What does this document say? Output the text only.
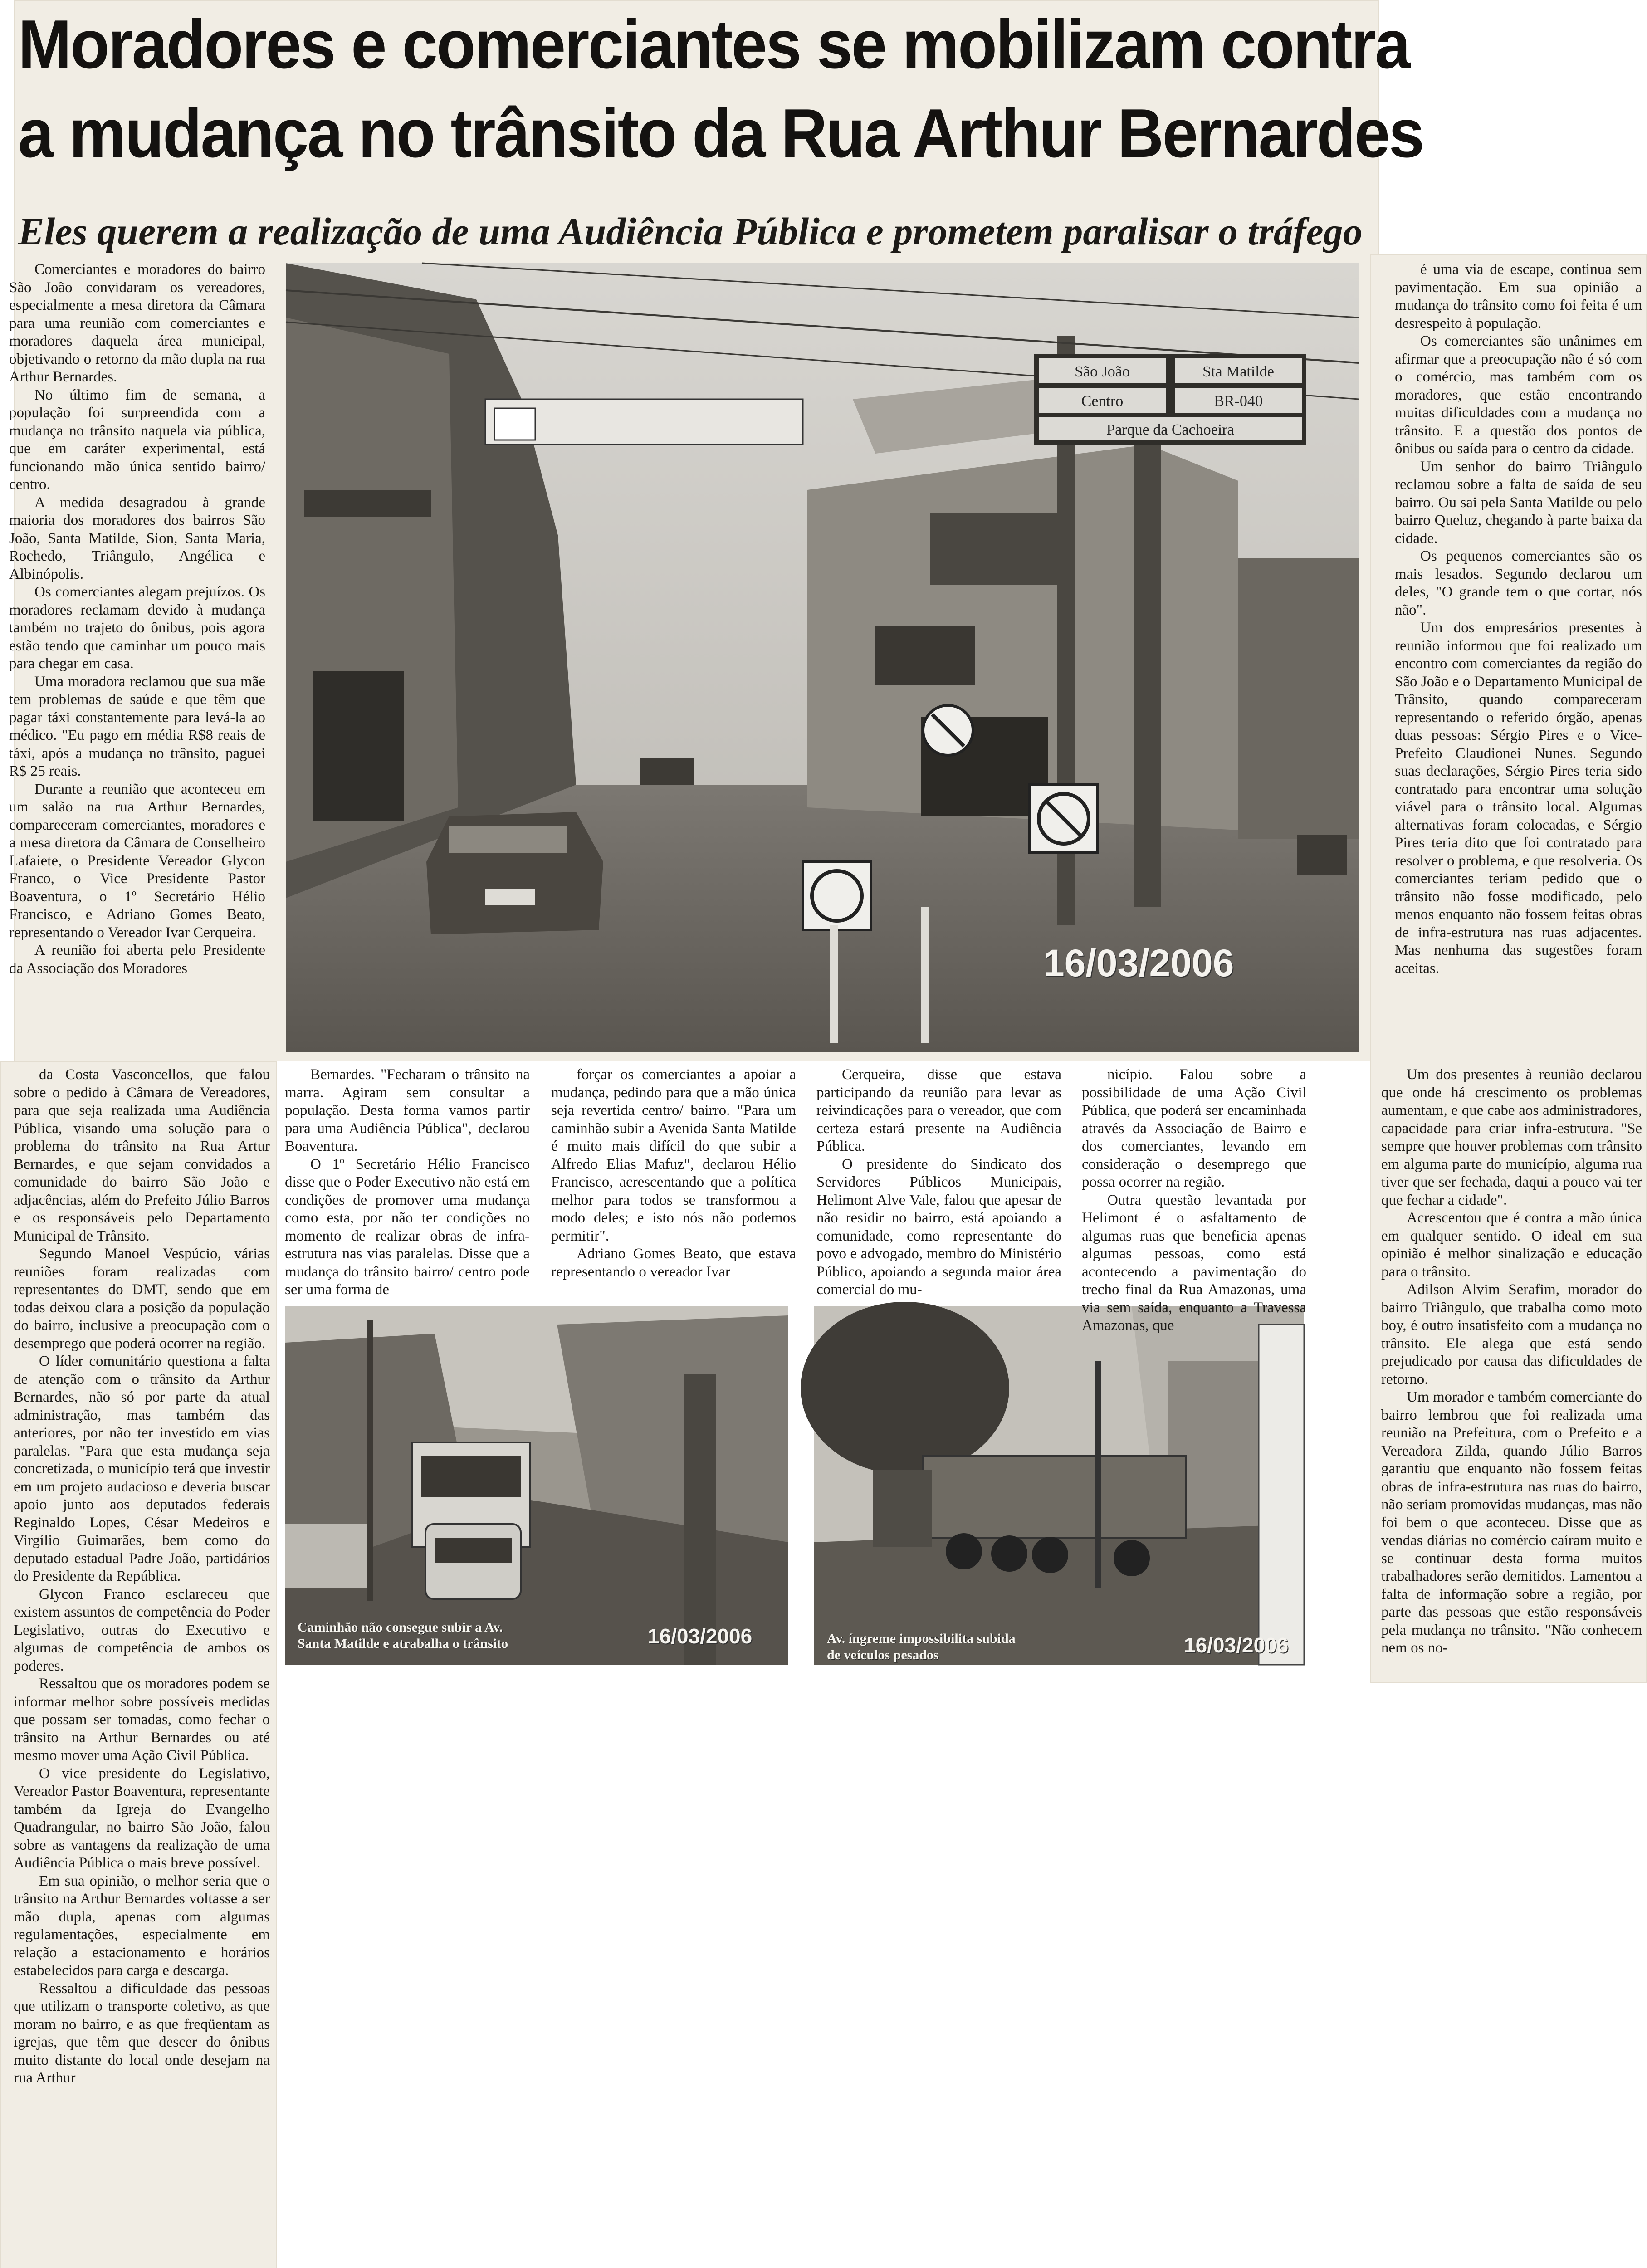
Moradores e comerciantes se mobilizam contra
a mudança no trânsito da Rua Arthur Bernardes
Eles querem a realização de uma Audiência Pública e prometem paralisar o tráfego
São João	Sta Matilde
Centro	BR-040
Parque da Cachoeira
16/03/2006
Caminhão não consegue subir a Av. Santa Matilde e atrabalha o trânsito	16/03/2006	Av. íngreme impossibilita subida de veículos pesados	16/03/2006

Comerciantes e moradores do bairro São João convidaram os vereadores, especialmente a mesa diretora da Câmara para uma reunião com comerciantes e moradores daquela área municipal, objetivando o retorno da mão dupla na rua Arthur Bernardes.

No último fim de semana, a população foi surpreendida com a mudança no trânsito naquela via pública, que em caráter experimental, está funcionando mão única sentido bairro/ centro.

A medida desagradou à grande maioria dos moradores dos bairros São João, Santa Matilde, Sion, Santa Maria, Rochedo, Triângulo, Angélica e Albinópolis.

Os comerciantes alegam prejuízos. Os moradores reclamam devido à mudança também no trajeto do ônibus, pois agora estão tendo que caminhar um pouco mais para chegar em casa.

Uma moradora reclamou que sua mãe tem problemas de saúde e que têm que pagar táxi constantemente para levá-la ao médico. "Eu pago em média R$8 reais de táxi, após a mudança no trânsito, paguei R$ 25 reais.

Durante a reunião que aconteceu em um salão na rua Arthur Bernardes, compareceram comerciantes, moradores e a mesa diretora da Câmara de Conselheiro Lafaiete, o Presidente Vereador Glycon Franco, o Vice Presidente Pastor Boaventura, o 1º Secretário Hélio Francisco, e Adriano Gomes Beato, representando o Vereador Ivar Cerqueira.

A reunião foi aberta pelo Presidente da Associação dos Moradores

da Costa Vasconcellos, que falou sobre o pedido à Câmara de Vereadores, para que seja realizada uma Audiência Pública, visando uma solução para o problema do trânsito na Rua Artur Bernardes, e que sejam convidados a comunidade do bairro São João e adjacências, além do Prefeito Júlio Barros e os responsáveis pelo Departamento Municipal de Trânsito.

Segundo Manoel Vespúcio, várias reuniões foram realizadas com representantes do DMT, sendo que em todas deixou clara a posição da população do bairro, inclusive a preocupação com o desemprego que poderá ocorrer na região.

O líder comunitário questiona a falta de atenção com o trânsito da Arthur Bernardes, não só por parte da atual administração, mas também das anteriores, por não ter investido em vias paralelas. "Para que esta mudança seja concretizada, o município terá que investir em um projeto audacioso e deveria buscar apoio junto aos deputados federais Reginaldo Lopes, César Medeiros e Virgílio Guimarães, bem como do deputado estadual Padre João, partidários do Presidente da República.

Glycon Franco esclareceu que existem assuntos de competência do Poder Legislativo, outras do Executivo e algumas de competência de ambos os poderes.

Ressaltou que os moradores podem se informar melhor sobre possíveis medidas que possam ser tomadas, como fechar o trânsito na Arthur Bernardes ou até mesmo mover uma Ação Civil Pública.

O vice presidente do Legislativo, Vereador Pastor Boaventura, representante também da Igreja do Evangelho Quadrangular, no bairro São João, falou sobre as vantagens da realização de uma Audiência Pública o mais breve possível.

Em sua opinião, o melhor seria que o trânsito na Arthur Bernardes voltasse a ser mão dupla, apenas com algumas regulamentações, especialmente em relação a estacionamento e horários estabelecidos para carga e descarga.

Ressaltou a dificuldade das pessoas que utilizam o transporte coletivo, as que moram no bairro, e as que freqüentam as igrejas, que têm que descer do ônibus muito distante do local onde desejam na rua Arthur

Bernardes. "Fecharam o trânsito na marra. Agiram sem consultar a população. Desta forma vamos partir para uma Audiência Pública", declarou Boaventura.

O 1º Secretário Hélio Francisco disse que o Poder Executivo não está em condições de promover uma mudança como esta, por não ter condições no momento de realizar obras de infra-estrutura nas vias paralelas. Disse que a mudança do trânsito bairro/ centro pode ser uma forma de

forçar os comerciantes a apoiar a mudança, pedindo para que a mão única seja revertida centro/ bairro. "Para um caminhão subir a Avenida Santa Matilde é muito mais difícil do que subir a Alfredo Elias Mafuz", declarou Hélio Francisco, acrescentando que a política melhor para todos se transformou a modo deles; e isto nós não podemos permitir".

Adriano Gomes Beato, que estava representando o vereador Ivar

Cerqueira, disse que estava participando da reunião para levar as reivindicações para o vereador, que com certeza estará presente na Audiência Pública.

O presidente do Sindicato dos Servidores Públicos Municipais, Helimont Alve Vale, falou que apesar de não residir no bairro, está apoiando a comunidade, como representante do povo e advogado, membro do Ministério Público, apoiando a segunda maior área comercial do mu-

nicípio. Falou sobre a possibilidade de uma Ação Civil Pública, que poderá ser encaminhada através da Associação de Bairro e dos comerciantes, levando em consideração o desemprego que possa ocorrer na região.

Outra questão levantada por Helimont é o asfaltamento de algumas ruas que beneficia apenas algumas pessoas, como está acontecendo a pavimentação do trecho final da Rua Amazonas, uma via sem saída, enquanto a Travessa Amazonas, que

é uma via de escape, continua sem pavimentação. Em sua opinião a mudança do trânsito como foi feita é um desrespeito à população.

Os comerciantes são unânimes em afirmar que a preocupação não é só com o comércio, mas também com os moradores, que estão encontrando muitas dificuldades com a mudança no trânsito. E a questão dos pontos de ônibus ou saída para o centro da cidade.

Um senhor do bairro Triângulo reclamou sobre a falta de saída de seu bairro. Ou sai pela Santa Matilde ou pelo bairro Queluz, chegando à parte baixa da cidade.

Os pequenos comerciantes são os mais lesados. Segundo declarou um deles, "O grande tem o que cortar, nós não".

Um dos empresários presentes à reunião informou que foi realizado um encontro com comerciantes da região do São João e o Departamento Municipal de Trânsito, quando compareceram representando o referido órgão, apenas duas pessoas: Sérgio Pires e o Vice-Prefeito Claudionei Nunes. Segundo suas declarações, Sérgio Pires teria sido contratado para encontrar uma solução viável para o trânsito local. Algumas alternativas foram colocadas, e Sérgio Pires teria dito que foi contratado para resolver o problema, e que resolveria. Os comerciantes teriam pedido que o trânsito não fosse modificado, pelo menos enquanto não fossem feitas obras de infra-estrutura nas ruas adjacentes. Mas nenhuma das sugestões foram aceitas.

Um dos presentes à reunião declarou que onde há crescimento os problemas aumentam, e que cabe aos administradores, capacidade para criar infra-estrutura. "Se sempre que houver problemas com trânsito em alguma parte do município, alguma rua tiver que ser fechada, daqui a pouco vai ter que fechar a cidade".

Acrescentou que é contra a mão única em qualquer sentido. O ideal em sua opinião é melhor sinalização e educação para o trânsito.

Adilson Alvim Serafim, morador do bairro Triângulo, que trabalha como moto boy, é outro insatisfeito com a mudança no trânsito. Ele alega que está sendo prejudicado por causa das dificuldades de retorno.

Um morador e também comerciante do bairro lembrou que foi realizada uma reunião na Prefeitura, com o Prefeito e a Vereadora Zilda, quando Júlio Barros garantiu que enquanto não fossem feitas obras de infra-estrutura nas ruas do bairro, não seriam promovidas mudanças, mas não foi bem o que aconteceu. Disse que as vendas diárias no comércio caíram muito e se continuar desta forma muitos trabalhadores serão demitidos. Lamentou a falta de informação sobre a região, por parte das pessoas que estão responsáveis pela mudança no trânsito. "Não conhecem nem os no-
